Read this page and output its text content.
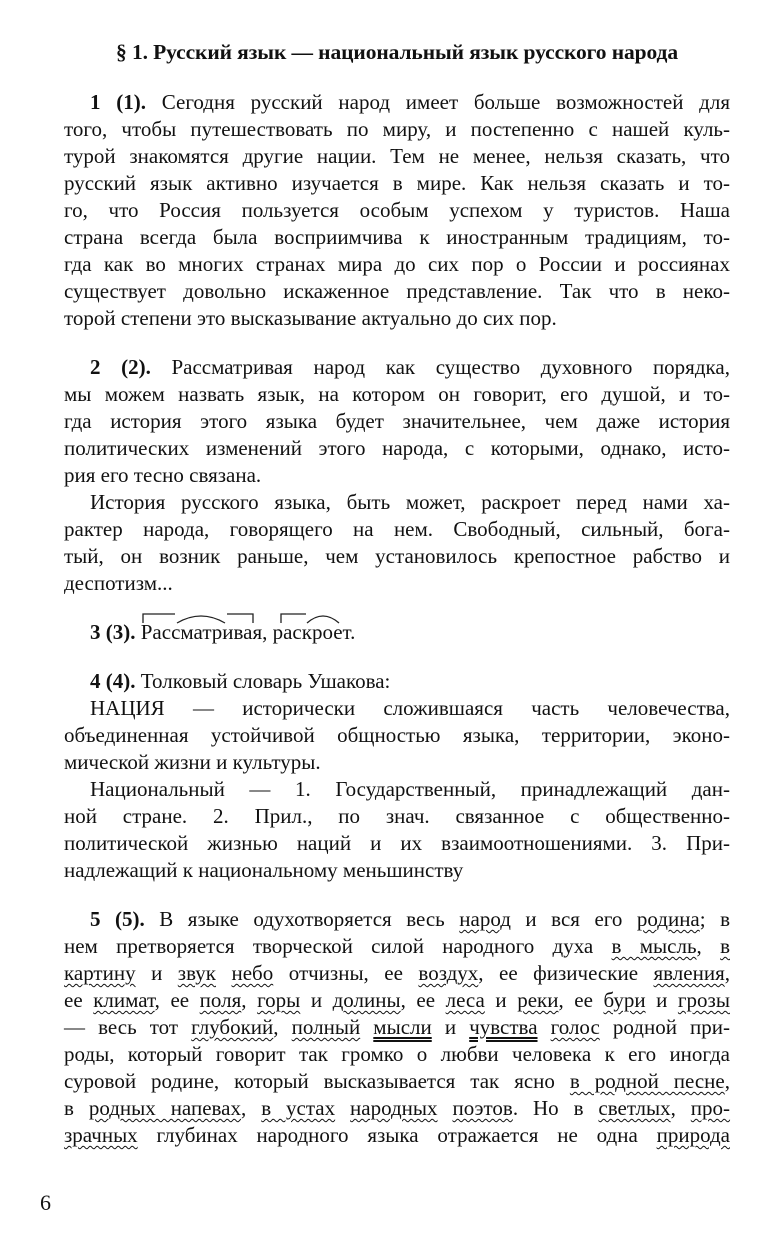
§ 1. Русский язык — национальный язык русского народа
1 (1). Сегодня русский народ имеет больше возможностей для
того, чтобы путешествовать по миру, и постепенно с нашей куль-
турой знакомятся другие нации. Тем не менее, нельзя сказать, что
русский язык активно изучается в мире. Как нельзя сказать и то-
го, что Россия пользуется особым успехом у туристов. Наша
страна всегда была восприимчива к иностранным традициям, то-
гда как во многих странах мира до сих пор о России и россиянах
существует довольно искаженное представление. Так что в неко-
торой степени это высказывание актуально до сих пор.
2 (2). Рассматривая народ как существо духовного порядка,
мы можем назвать язык, на котором он говорит, его душой, и то-
гда история этого языка будет значительнее, чем даже история
политических изменений этого народа, с которыми, однако, исто-
рия его тесно связана.
История русского языка, быть может, раскроет перед нами ха-
рактер народа, говорящего на нем. Свободный, сильный, бога-
тый, он возник раньше, чем установилось крепостное рабство и
деспотизм...
3 (3). Рассматривая, раскроет.
4 (4). Толковый словарь Ушакова:
НАЦИЯ — исторически сложившаяся часть человечества,
объединенная устойчивой общностью языка, территории, эконо-
мической жизни и культуры.
Национальный — 1. Государственный, принадлежащий дан-
ной стране. 2. Прил., по знач. связанное с общественно-
политической жизнью наций и их взаимоотношениями. 3. При-
надлежащий к национальному меньшинству
5 (5). В языке одухотворяется весь народ и вся его родина; в
нем претворяется творческой силой народного духа в мысль, в
картину и звук небо отчизны, ее воздух, ее физические явления,
ее климат, ее поля, горы и долины, ее леса и реки, ее бури и грозы
— весь тот глубокий, полный мысли и чувства голос родной при-
роды, который говорит так громко о любви человека к его иногда
суровой родине, который высказывается так ясно в родной песне,
в родных напевах, в устах народных поэтов. Но в светлых, про-
зрачных глубинах народного языка отражается не одна природа
6
